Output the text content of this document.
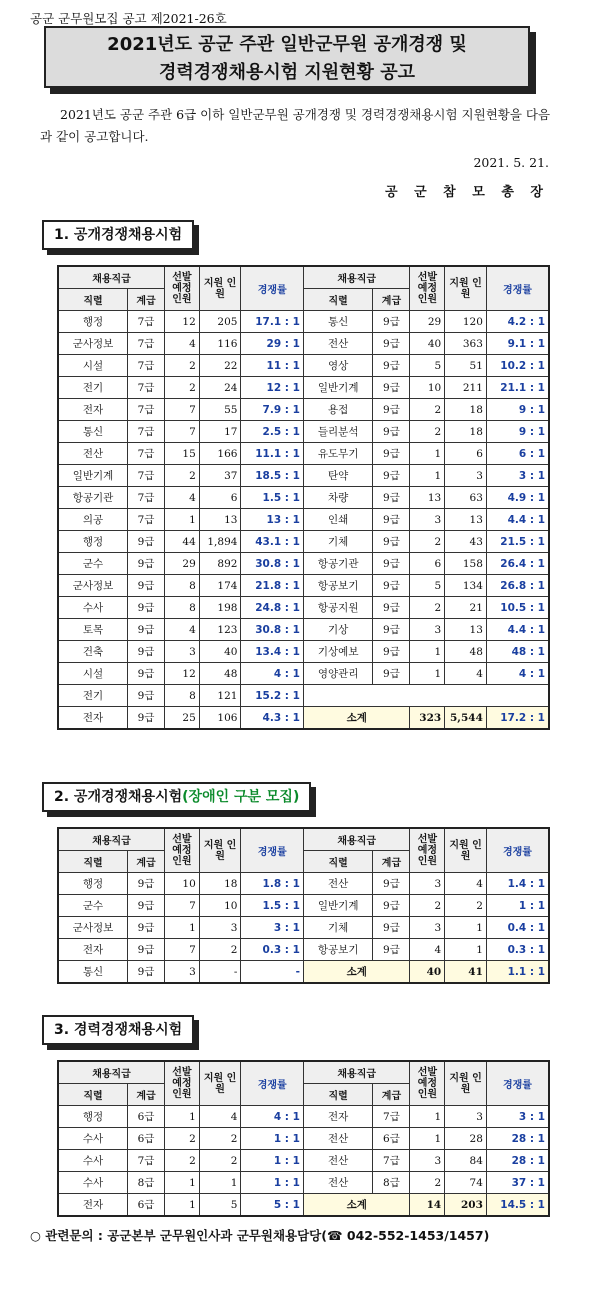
공군 군무원모집 공고 제2021-26호
2021년도 공군 주관 일반군무원 공개경쟁 및
경력경쟁채용시험 지원현황 공고

2021년도 공군 주관 6급 이하 일반군무원 공개경쟁 및 경력경쟁채용시험 지원현황을 다음과 같이 공고합니다.

2021. 5. 21.
공 군 참 모 총 장
1. 공개경쟁채용시험
채용직급		선발 예정 인원	지원 인원	경쟁률	채용직급		선발 예정 인원	지원 인원	경쟁률
직렬	계급				직렬	계급			
행정	7급	12	205	17.1 : 1	통신	9급	29	120	4.2 : 1
군사정보	7급	4	116	29 : 1	전산	9급	40	363	9.1 : 1
시설	7급	2	22	11 : 1	영상	9급	5	51	10.2 : 1
전기	7급	2	24	12 : 1	일반기계	9급	10	211	21.1 : 1
전자	7급	7	55	7.9 : 1	용접	9급	2	18	9 : 1
통신	7급	7	17	2.5 : 1	들리분석	9급	2	18	9 : 1
전산	7급	15	166	11.1 : 1	유도무기	9급	1	6	6 : 1
일반기계	7급	2	37	18.5 : 1	탄약	9급	1	3	3 : 1
항공기관	7급	4	6	1.5 : 1	차량	9급	13	63	4.9 : 1
의공	7급	1	13	13 : 1	인쇄	9급	3	13	4.4 : 1
행정	9급	44	1,894	43.1 : 1	기체	9급	2	43	21.5 : 1
군수	9급	29	892	30.8 : 1	항공기관	9급	6	158	26.4 : 1
군사정보	9급	8	174	21.8 : 1	항공보기	9급	5	134	26.8 : 1
수사	9급	8	198	24.8 : 1	항공지원	9급	2	21	10.5 : 1
토목	9급	4	123	30.8 : 1	기상	9급	3	13	4.4 : 1
건축	9급	3	40	13.4 : 1	기상예보	9급	1	48	48 : 1
시설	9급	12	48	4 : 1	영양관리	9급	1	4	4 : 1
전기	9급	8	121	15.2 : 1					
전자	9급	25	106	4.3 : 1	소계		323	5,544	17.2 : 1
2. 공개경쟁채용시험(장애인 구분 모집)
채용직급		선발 예정 인원	지원 인원	경쟁률	채용직급		선발 예정 인원	지원 인원	경쟁률
직렬	계급				직렬	계급			
행정	9급	10	18	1.8 : 1	전산	9급	3	4	1.4 : 1
군수	9급	7	10	1.5 : 1	일반기계	9급	2	2	1 : 1
군사정보	9급	1	3	3 : 1	기체	9급	3	1	0.4 : 1
전자	9급	7	2	0.3 : 1	항공보기	9급	4	1	0.3 : 1
통신	9급	3	-	-	소계		40	41	1.1 : 1
3. 경력경쟁채용시험
채용직급		선발 예정 인원	지원 인원	경쟁률	채용직급		선발 예정 인원	지원 인원	경쟁률
직렬	계급				직렬	계급			
행정	6급	1	4	4 : 1	전자	7급	1	3	3 : 1
수사	6급	2	2	1 : 1	전산	6급	1	28	28 : 1
수사	7급	2	2	1 : 1	전산	7급	3	84	28 : 1
수사	8급	1	1	1 : 1	전산	8급	2	74	37 : 1
전자	6급	1	5	5 : 1	소계		14	203	14.5 : 1
○ 관련문의 : 공군본부 군무원인사과 군무원채용담당(☎ 042-552-1453/1457)
